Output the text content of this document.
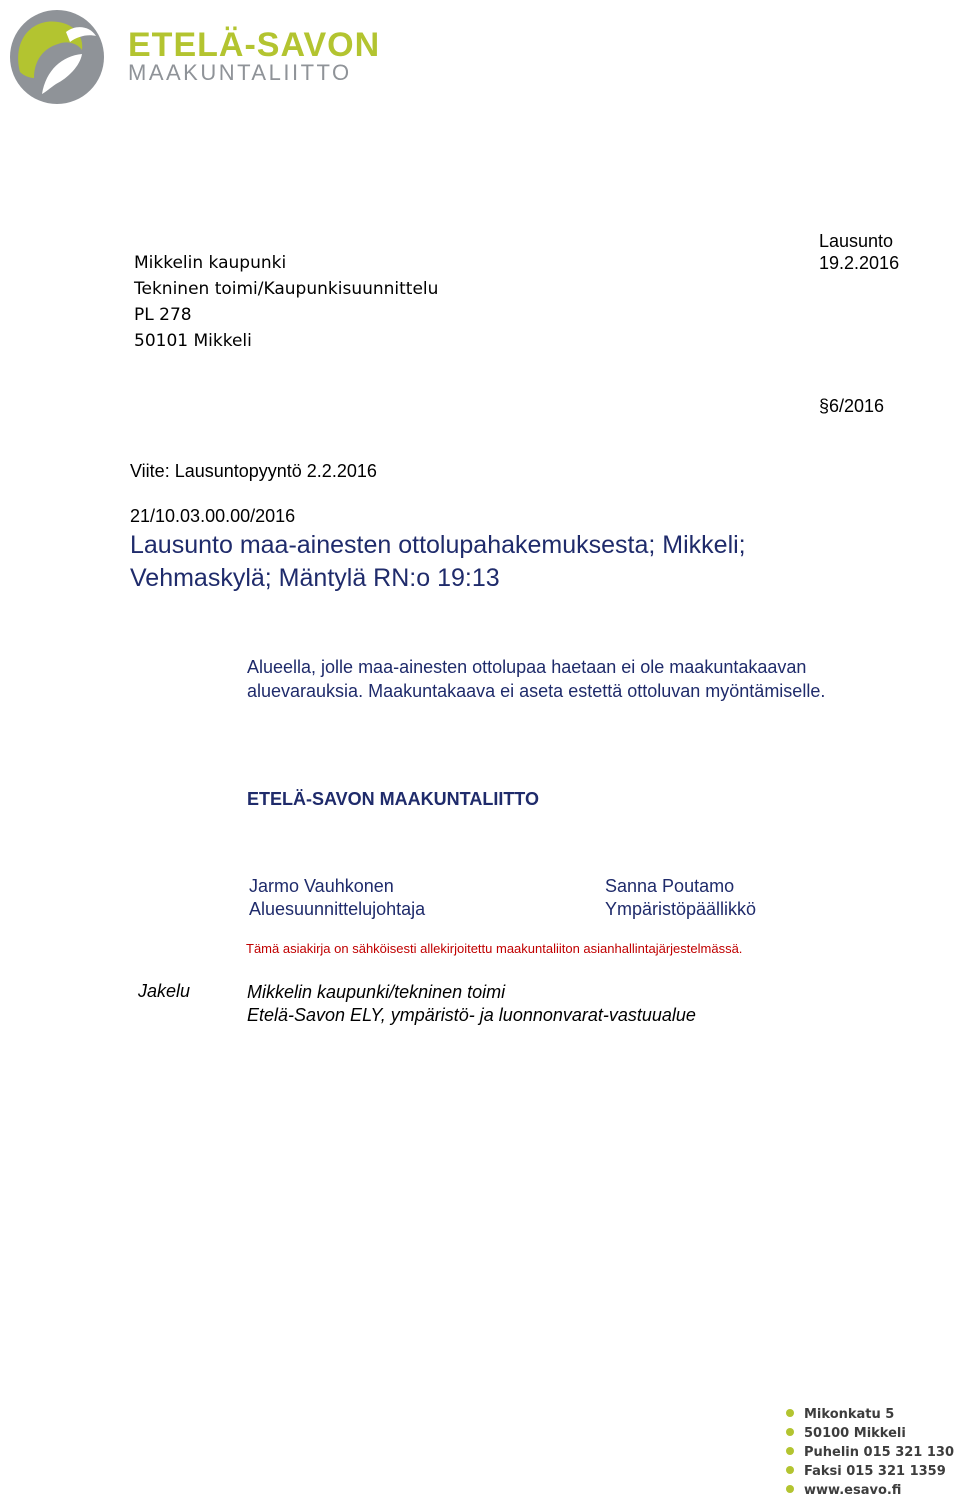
ETELÄ-SAVON
MAAKUNTALIITTO
Mikkelin kaupunki
Tekninen toimi/Kaupunkisuunnittelu
PL 278
50101 Mikkeli
Lausunto
19.2.2016
§6/2016
Viite: Lausuntopyyntö 2.2.2016
21/10.03.00.00/2016
Lausunto maa-ainesten ottolupahakemuksesta; Mikkeli;
Vehmaskylä; Mäntylä RN:o 19:13
Alueella, jolle maa-ainesten ottolupaa haetaan ei ole maakuntakaavan
aluevarauksia. Maakuntakaava ei aseta estettä ottoluvan myöntämiselle.
ETELÄ-SAVON MAAKUNTALIITTO
Jarmo Vauhkonen
Aluesuunnittelujohtaja
Sanna Poutamo
Ympäristöpäällikkö
Tämä asiakirja on sähköisesti allekirjoitettu maakuntaliiton asianhallintajärjestelmässä.
Jakelu	Mikkelin kaupunki/tekninen toimi
Etelä-Savon ELY, ympäristö- ja luonnonvarat-vastuualue
Mikonkatu 5
50100 Mikkeli
Puhelin 015 321 130
Faksi 015 321 1359
www.esavo.fi
